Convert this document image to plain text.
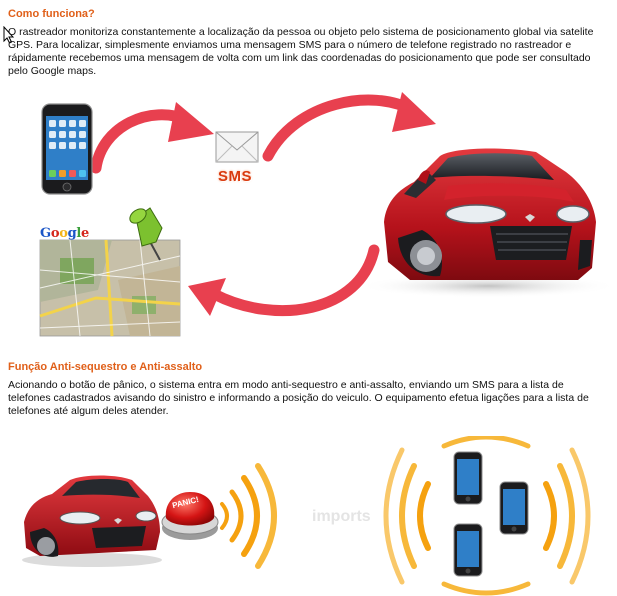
Como funciona?
O rastreador monitoriza constantemente a localização da pessoa ou objeto pelo sistema de posicionamento global via satelite GPS. Para localizar, simplesmente enviamos uma mensagem SMS para o número de telefone registrado no rastreador e rápidamente recebemos uma mensagem de volta com um link das coordenadas do posicionamento que pode ser consultado pelo Google maps.
SMS
Google
Função Anti-sequestro e Anti-assalto
Acionando o botão de pânico, o sistema entra em modo anti-sequestro e anti-assalto, enviando um SMS para a lista de telefones cadastrados avisando do sinistro e informando a posição do veiculo. O equipamento efetua ligações para a lista de telefones até algum deles atender.
PANIC!
imports
